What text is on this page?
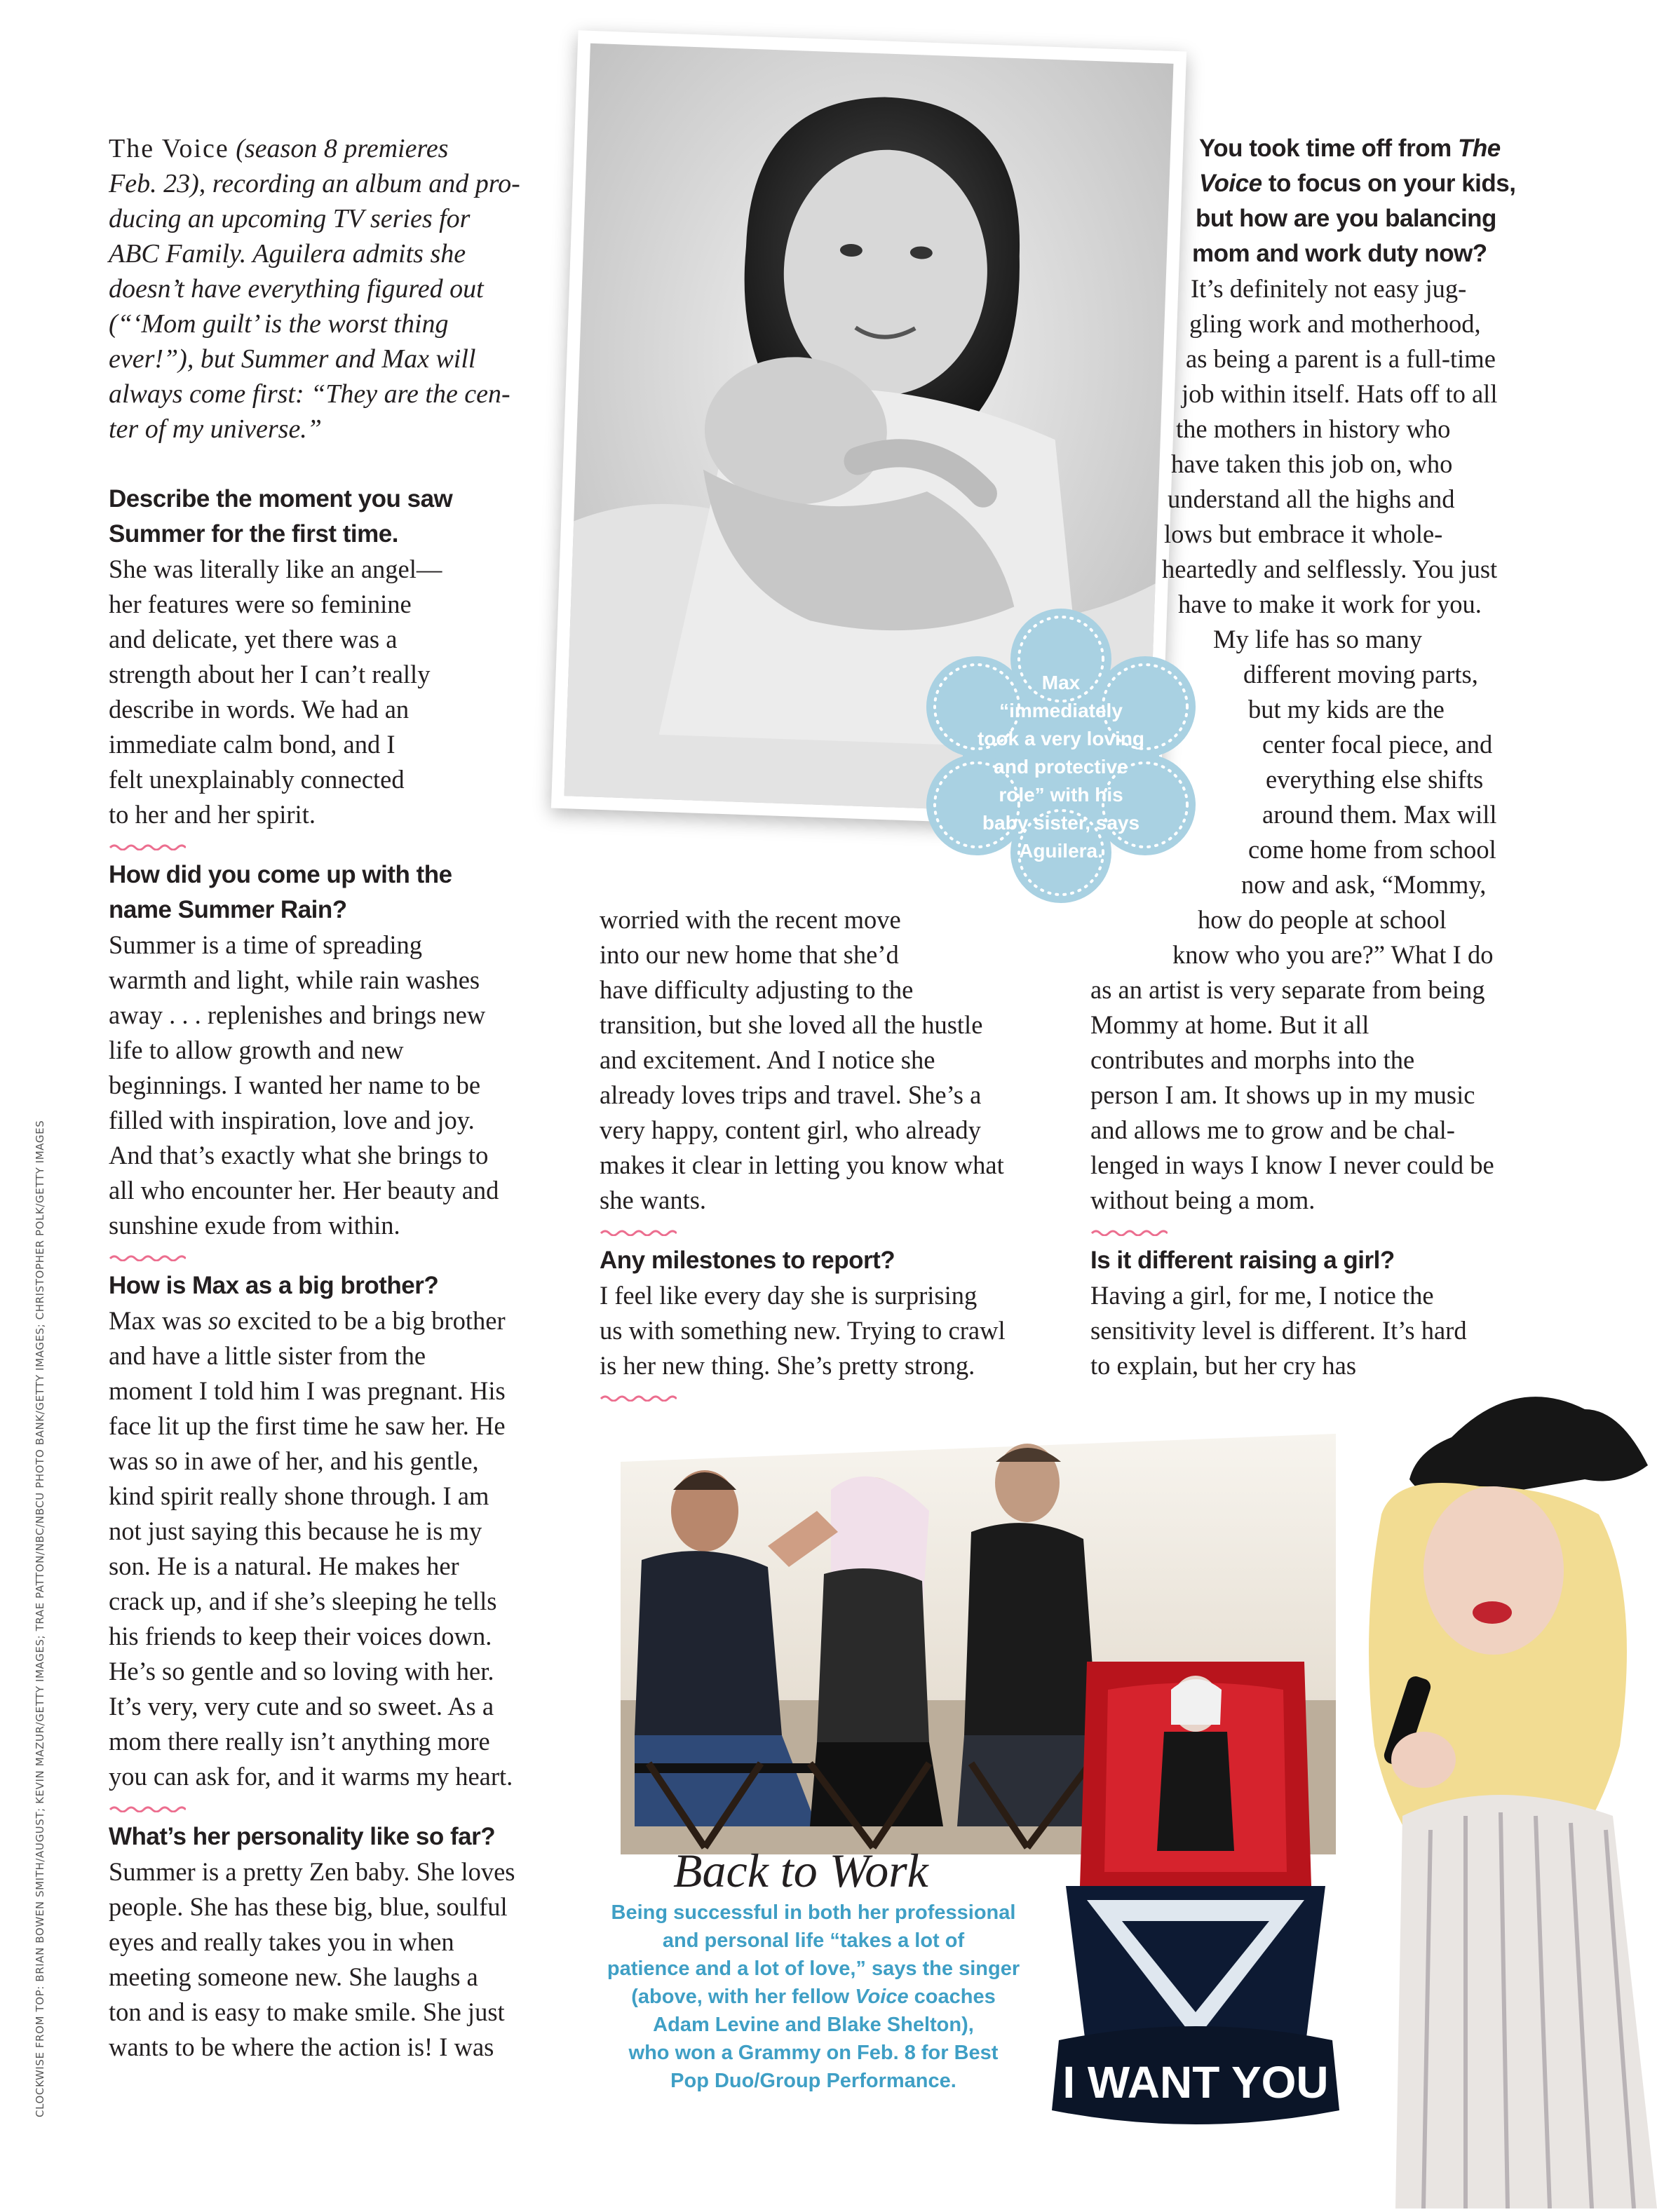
CLOCKWISE FROM TOP: BRIAN BOWEN SMITH/AUGUST; KEVIN MAZUR/GETTY IMAGES; TRAE PATTON/NBC/NBCU PHOTO BANK/GETTY IMAGES; CHRISTOPHER POLK/GETTY IMAGES
Max
“immediately
took a very loving
and protective
role” with his
baby sister, says
Aguilera.

The Voice (season 8 premieres

Feb. 23), recording an album and pro-

ducing an upcoming TV series for

ABC Family. Aguilera admits she

doesn’t have everything figured out

(“‘Mom guilt’ is the worst thing

ever!”), but Summer and Max will

always come first: “They are the cen-

ter of my universe.”

Describe the moment you saw

Summer for the first time.

She was literally like an angel—

her features were so feminine

and delicate, yet there was a

strength about her I can’t really

describe in words. We had an

immediate calm bond, and I

felt unexplainably connected

to her and her spirit.

How did you come up with the

name Summer Rain?

Summer is a time of spreading

warmth and light, while rain washes

away . . . replenishes and brings new

life to allow growth and new

beginnings. I wanted her name to be

filled with inspiration, love and joy.

And that’s exactly what she brings to

all who encounter her. Her beauty and

sunshine exude from within.

How is Max as a big brother?

Max was so excited to be a big brother

and have a little sister from the

moment I told him I was pregnant. His

face lit up the first time he saw her. He

was so in awe of her, and his gentle,

kind spirit really shone through. I am

not just saying this because he is my

son. He is a natural. He makes her

crack up, and if she’s sleeping he tells

his friends to keep their voices down.

He’s so gentle and so loving with her.

It’s very, very cute and so sweet. As a

mom there really isn’t anything more

you can ask for, and it warms my heart.

What’s her personality like so far?

Summer is a pretty Zen baby. She loves

people. She has these big, blue, soulful

eyes and really takes you in when

meeting someone new. She laughs a

ton and is easy to make smile. She just

wants to be where the action is! I was

worried with the recent move

into our new home that she’d

have difficulty adjusting to the

transition, but she loved all the hustle

and excitement. And I notice she

already loves trips and travel. She’s a

very happy, content girl, who already

makes it clear in letting you know what

she wants.

Any milestones to report?

I feel like every day she is surprising

us with something new. Trying to crawl

is her new thing. She’s pretty strong.

You took time off from The

Voice to focus on your kids,

but how are you balancing

mom and work duty now?

It’s definitely not easy jug-

gling work and motherhood,

as being a parent is a full-time

job within itself. Hats off to all

the mothers in history who

have taken this job on, who

understand all the highs and

lows but embrace it whole-

heartedly and selflessly. You just

have to make it work for you.

My life has so many

different moving parts,

but my kids are the

center focal piece, and

everything else shifts

around them. Max will

come home from school

now and ask, “Mommy,

how do people at school

know who you are?” What I do

as an artist is very separate from being

Mommy at home. But it all

contributes and morphs into the

person I am. It shows up in my music

and allows me to grow and be chal-

lenged in ways I know I never could be

without being a mom.

Is it different raising a girl?

Having a girl, for me, I notice the

sensitivity level is different. It’s hard

to explain, but her cry has

I WANT YOU
Back to Work
Being successful in both her professional
and personal life “takes a lot of
patience and a lot of love,” says the singer
(above, with her fellow Voice coaches
Adam Levine and Blake Shelton),
who won a Grammy on Feb. 8 for Best
Pop Duo/Group Performance.
